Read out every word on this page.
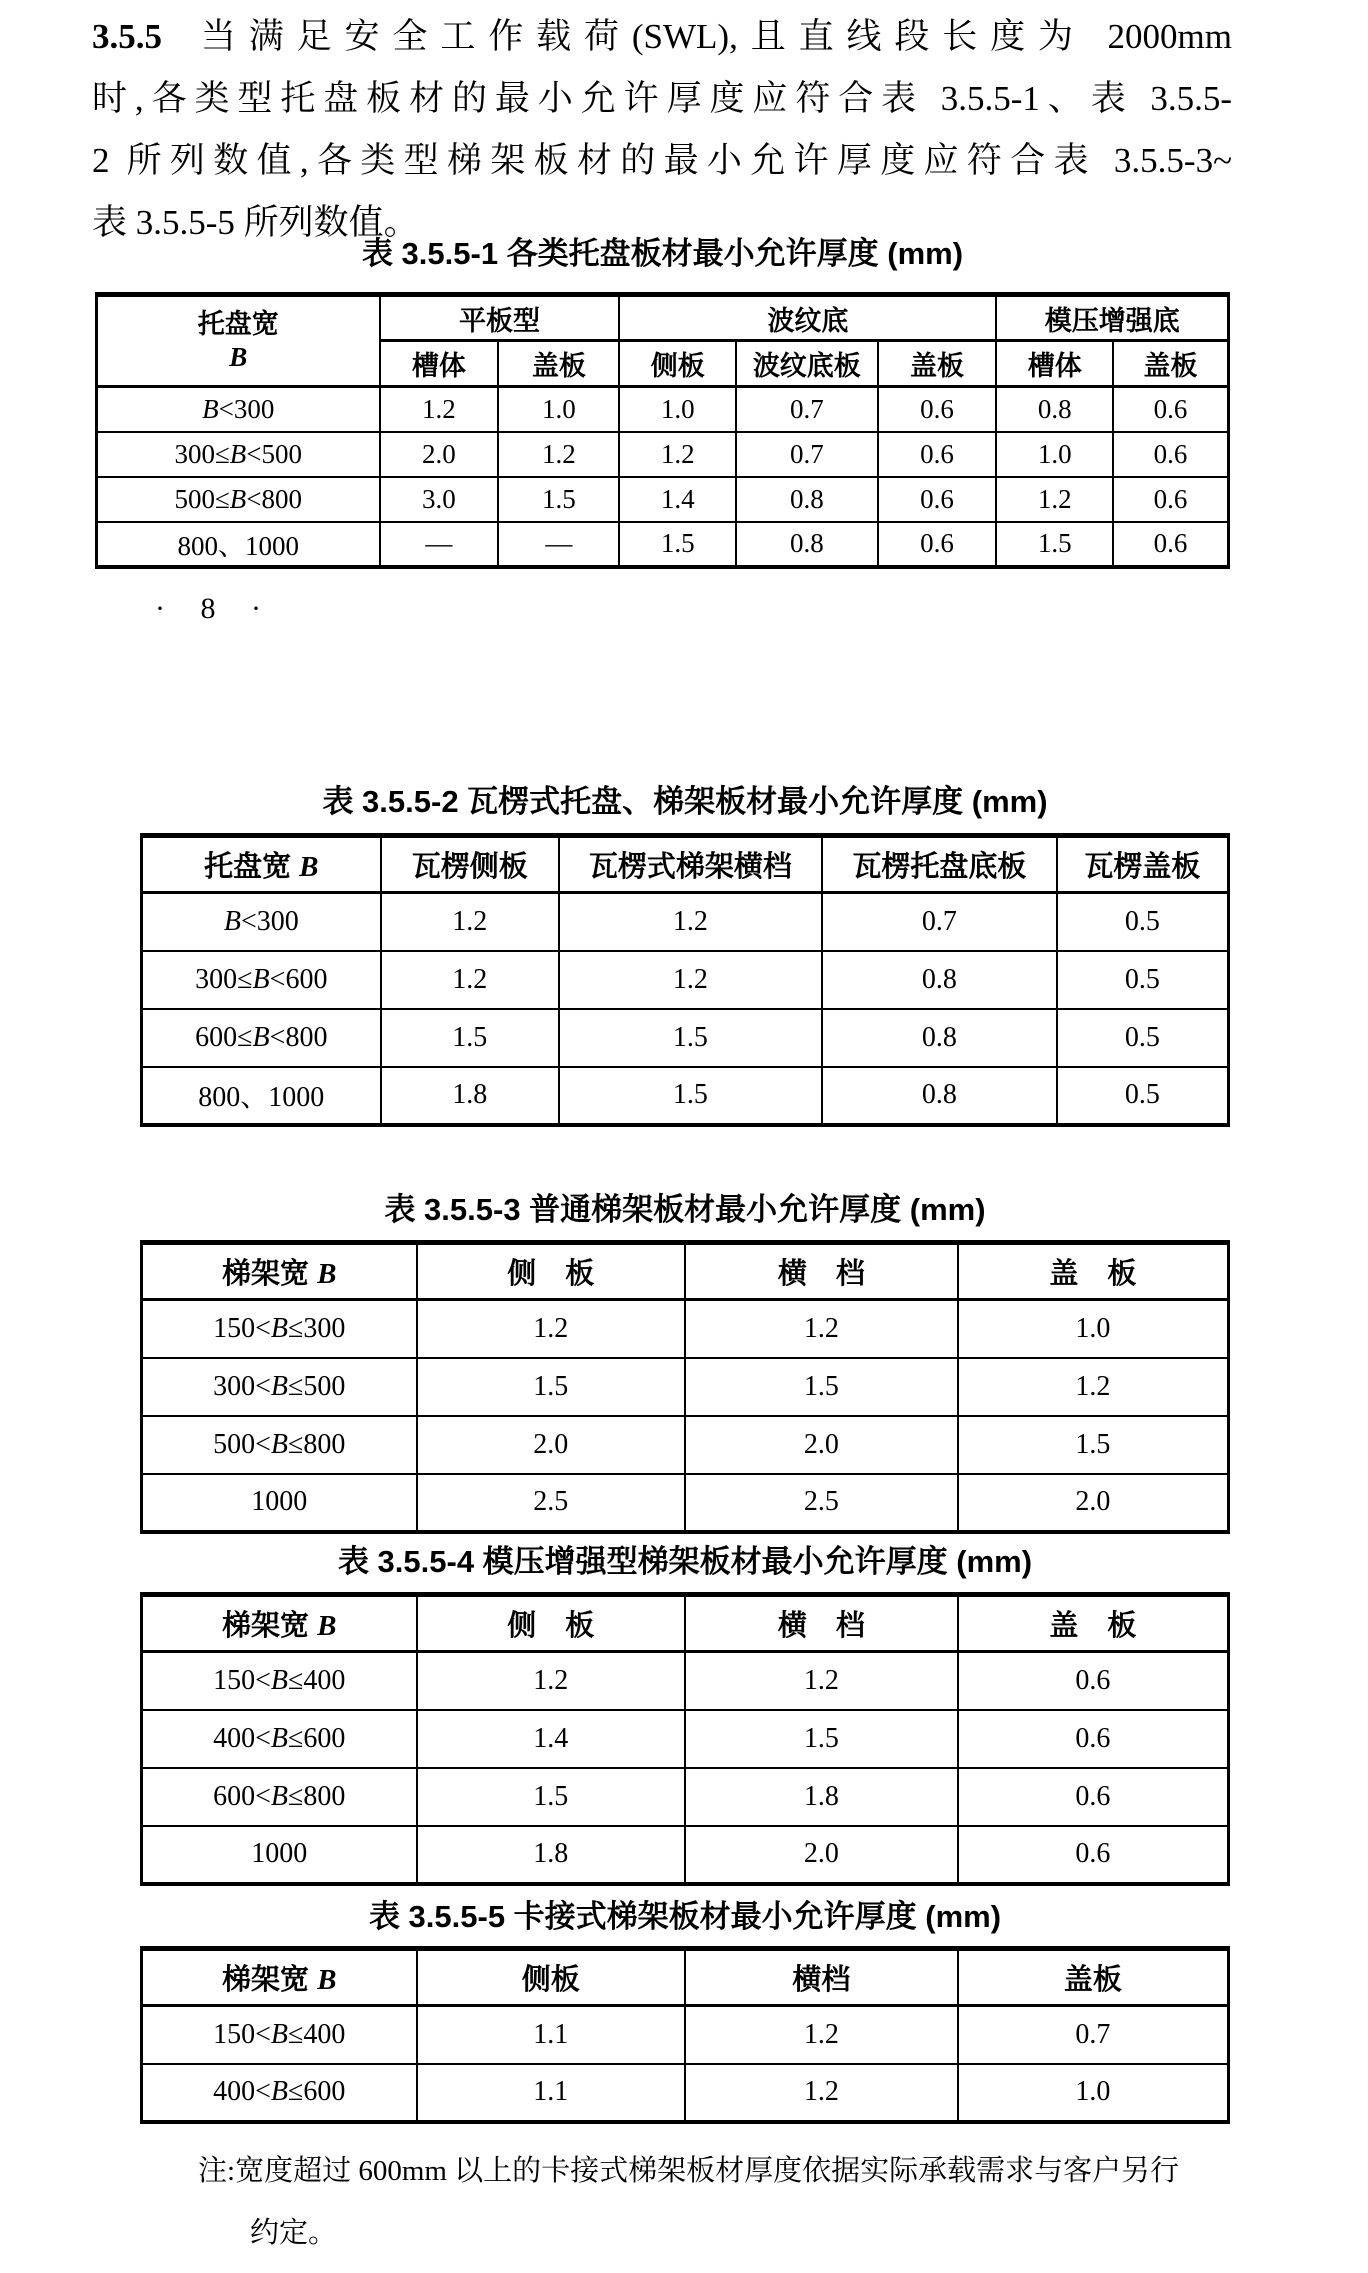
3.5.5 当满足安全工作载荷(SWL),且直线段长度为 2000mm
时,各类型托盘板材的最小允许厚度应符合表 3.5.5-1、表 3.5.5-
2 所列数值,各类型梯架板材的最小允许厚度应符合表 3.5.5-3~
表 3.5.5-5 所列数值。
表 3.5.5-1 各类托盘板材最小允许厚度 (mm)
托盘宽
B	平板型		波纹底			模压增强底	
	槽体	盖板	侧板	波纹底板	盖板	槽体	盖板
B<300	1.2	1.0	1.0	0.7	0.6	0.8	0.6
300≤B<500	2.0	1.2	1.2	0.7	0.6	1.0	0.6
500≤B<800	3.0	1.5	1.4	0.8	0.6	1.2	0.6
800、1000	—	—	1.5	0.8	0.6	1.5	0.6
· 8 ·
表 3.5.5-2 瓦楞式托盘、梯架板材最小允许厚度 (mm)
托盘宽 B	瓦楞侧板	瓦楞式梯架横档	瓦楞托盘底板	瓦楞盖板
B<300	1.2	1.2	0.7	0.5
300≤B<600	1.2	1.2	0.8	0.5
600≤B<800	1.5	1.5	0.8	0.5
800、1000	1.8	1.5	0.8	0.5
表 3.5.5-3 普通梯架板材最小允许厚度 (mm)
梯架宽 B	侧　板	横　档	盖　板
150<B≤300	1.2	1.2	1.0
300<B≤500	1.5	1.5	1.2
500<B≤800	2.0	2.0	1.5
1000	2.5	2.5	2.0
表 3.5.5-4 模压增强型梯架板材最小允许厚度 (mm)
梯架宽 B	侧　板	横　档	盖　板
150<B≤400	1.2	1.2	0.6
400<B≤600	1.4	1.5	0.6
600<B≤800	1.5	1.8	0.6
1000	1.8	2.0	0.6
表 3.5.5-5 卡接式梯架板材最小允许厚度 (mm)
梯架宽 B	侧板	横档	盖板
150<B≤400	1.1	1.2	0.7
400<B≤600	1.1	1.2	1.0
注:宽度超过 600mm 以上的卡接式梯架板材厚度依据实际承载需求与客户另行
约定。
